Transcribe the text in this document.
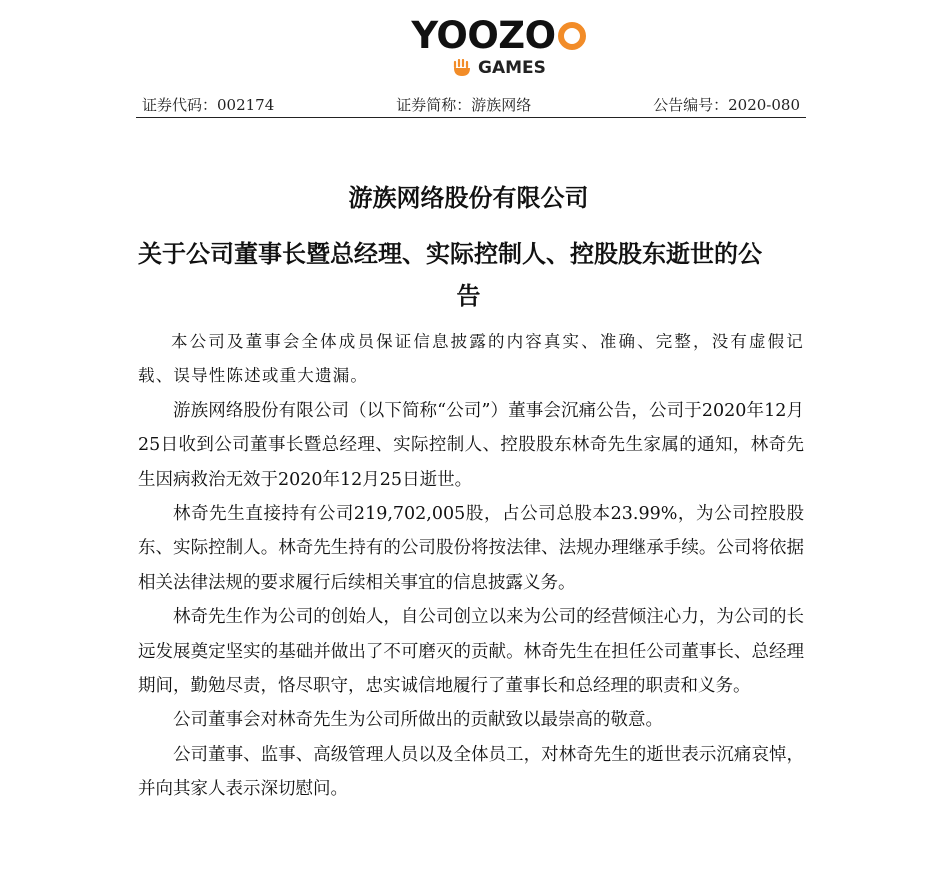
YOOZO
GAMES
证券代码：002174	证券简称：游族网络	公告编号：2020-080
游族网络股份有限公司
关于公司董事长暨总经理、实际控制人、控股股东逝世的公
告

本公司及董事会全体成员保证信息披露的内容真实、准确、完整，没有虚假记载、误导性陈述或重大遗漏。

游族网络股份有限公司（以下简称“公司”）董事会沉痛公告，公司于2020年12月25日收到公司董事长暨总经理、实际控制人、控股股东林奇先生家属的通知，林奇先生因病救治无效于2020年12月25日逝世。

林奇先生直接持有公司219,702,005股，占公司总股本23.99%，为公司控股股东、实际控制人。林奇先生持有的公司股份将按法律、法规办理继承手续。公司将依据相关法律法规的要求履行后续相关事宜的信息披露义务。

林奇先生作为公司的创始人，自公司创立以来为公司的经营倾注心力，为公司的长远发展奠定坚实的基础并做出了不可磨灭的贡献。林奇先生在担任公司董事长、总经理期间，勤勉尽责，恪尽职守，忠实诚信地履行了董事长和总经理的职责和义务。

公司董事会对林奇先生为公司所做出的贡献致以最崇高的敬意。

公司董事、监事、高级管理人员以及全体员工，对林奇先生的逝世表示沉痛哀悼，并向其家人表示深切慰问。
